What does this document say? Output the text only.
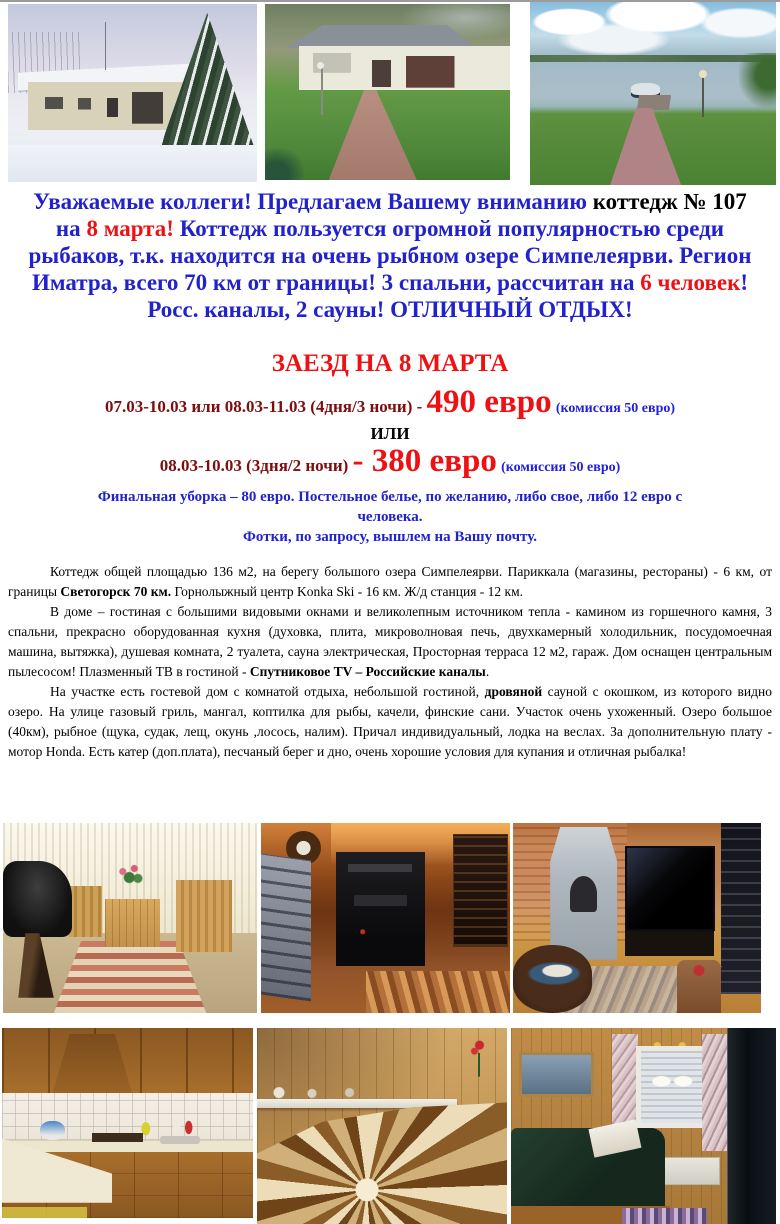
Уважаемые коллеги! Предлагаем Вашему вниманию коттедж № 107
на 8 марта! Коттедж пользуется огромной популярностью среди
рыбаков, т.к. находится на очень рыбном озере Симпелеярви. Регион
Иматра, всего 70 км от границы! 3 спальни, рассчитан на 6 человек!
Росс. каналы, 2 сауны! ОТЛИЧНЫЙ ОТДЫХ!
ЗАЕЗД НА 8 МАРТА
07.03-10.03 или 08.03-11.03 (4дня/3 ночи) - 490 евро (комиссия 50 евро)
ИЛИ
08.03-10.03 (3дня/2 ночи) - 380 евро (комиссия 50 евро)

Финальная уборка – 80 евро. Постельное белье, по желанию, либо свое, либо 12 евро с
человека.

Фотки, по запросу, вышлем на Вашу почту.

Коттедж общей площадью 136 м2, на берегу большого озера Симпелеярви. Париккала (магазины, рестораны) - 6 км, от границы Светогорск 70 км. Горнолыжный центр Konka Ski - 16 км. Ж/д станция - 12 км.

В доме – гостиная с большими видовыми окнами и великолепным источником тепла - камином из горшечного камня, 3 спальни, прекрасно оборудованная кухня (духовка, плита, микроволновая печь, двухкамерный холодильник, посудомоечная машина, вытяжка), душевая комната, 2 туалета, сауна электрическая, Просторная терраса 12 м2, гараж. Дом оснащен центральным пылесосом! Плазменный ТВ в гостиной - Спутниковое TV – Российские каналы.

На участке есть гостевой дом с комнатой отдыха, небольшой гостиной, дровяной сауной с окошком, из которого видно озеро. На улице газовый гриль, мангал, коптилка для рыбы, качели, финские сани. Участок очень ухоженный. Озеро большое (40км), рыбное (щука, судак, лещ, окунь ,лосось, налим). Причал индивидуальный, лодка на веслах. За дополнительную плату - мотор Honda. Есть катер (доп.плата), песчаный берег и дно, очень хорошие условия для купания и отличная рыбалка!
